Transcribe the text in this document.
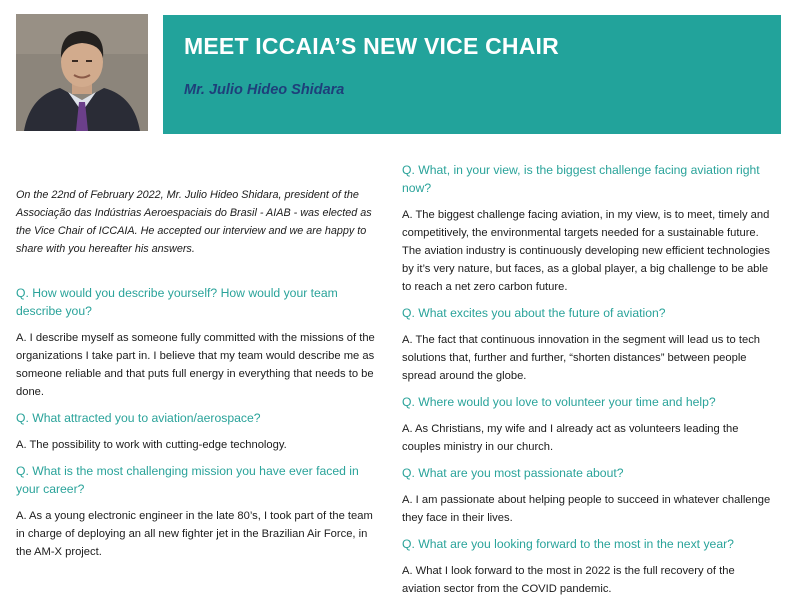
MEET ICCAIA’S NEW VICE CHAIR
Mr. Julio Hideo Shidara

On the 22nd of February 2022, Mr. Julio Hideo Shidara, president of the Associação das Indústrias Aeroespaciais do Brasil - AIAB - was elected as the Vice Chair of ICCAIA. He accepted our interview and we are happy to share with you hereafter his answers.

Q. How would you describe yourself? How would your team describe you?

A. I describe myself as someone fully committed with the missions of the organizations I take part in. I believe that my team would describe me as someone reliable and that puts full energy in everything that needs to be done.

Q. What attracted you to aviation/aerospace?

A. The possibility to work with cutting-edge technology.

Q. What is the most challenging mission you have ever faced in your career?

A. As a young electronic engineer in the late 80’s, I took part of the team in charge of deploying an all new fighter jet in the Brazilian Air Force, in the AM-X project.

Q. What, in your view, is the biggest challenge facing aviation right now?

A. The biggest challenge facing aviation, in my view, is to meet, timely and competitively, the environmental targets needed for a sustainable future. The aviation industry is continuously developing new efficient technologies by it’s very nature, but faces, as a global player, a big challenge to be able to reach a net zero carbon future.

Q. What excites you about the future of aviation?

A. The fact that continuous innovation in the segment will lead us to tech solutions that, further and further, “shorten distances” between people spread around the globe.

Q. Where would you love to volunteer your time and help?

A. As Christians, my wife and I already act as volunteers leading the couples ministry in our church.

Q. What are you most passionate about?

A. I am passionate about helping people to succeed in whatever challenge they face in their lives.

Q. What are you looking forward to the most in the next year?

A. What I look forward to the most in 2022 is the full recovery of the aviation sector from the COVID pandemic.
